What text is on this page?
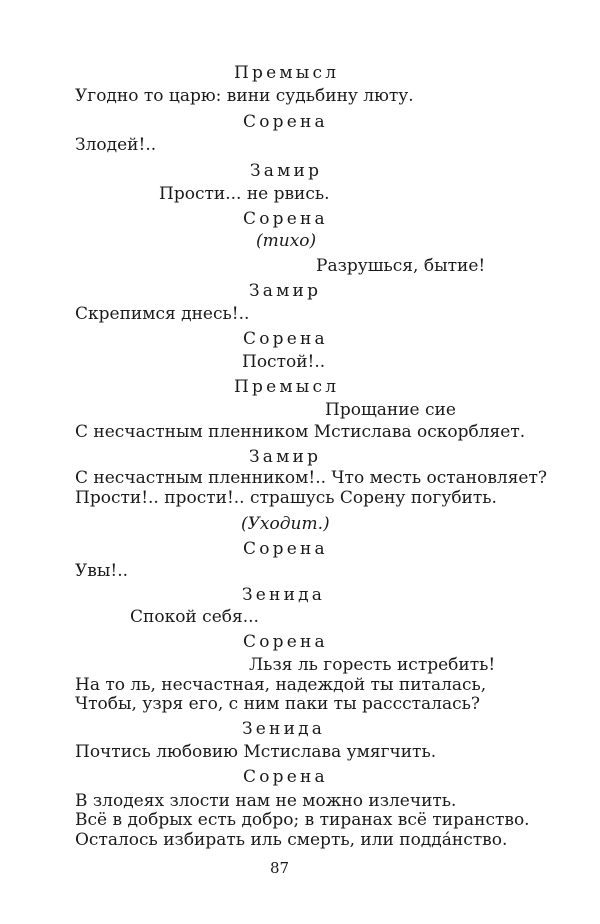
Премысл
Угодно то царю: вини судьбину люту.
Сорена
Злодей!..
Замир
Прости... не рвись.
Сорена
(тихо)
Разрушься, бытие!
Замир
Скрепимся днесь!..
Сорена
Постой!..
Премысл
Прощание сие
С несчастным пленником Мстислава оскорбляет.
Замир
С несчастным пленником!.. Что месть остановляет?
Прости!.. прости!.. страшусь Сорену погубить.
(Уходит.)
Сорена
Увы!..
Зенида
Спокой себя...
Сорена
Льзя ль горесть истребить!
На то ль, несчастная, надеждой ты питалась,
Чтобы, узря его, с ним паки ты расссталась?
Зенида
Почтись любовию Мстислава умягчить.
Сорена
В злодеях злости нам не можно излечить.
Всё в добрых есть добро; в тиранах всё тиранство.
Осталось избирать иль смерть, или подда́нство.
87
